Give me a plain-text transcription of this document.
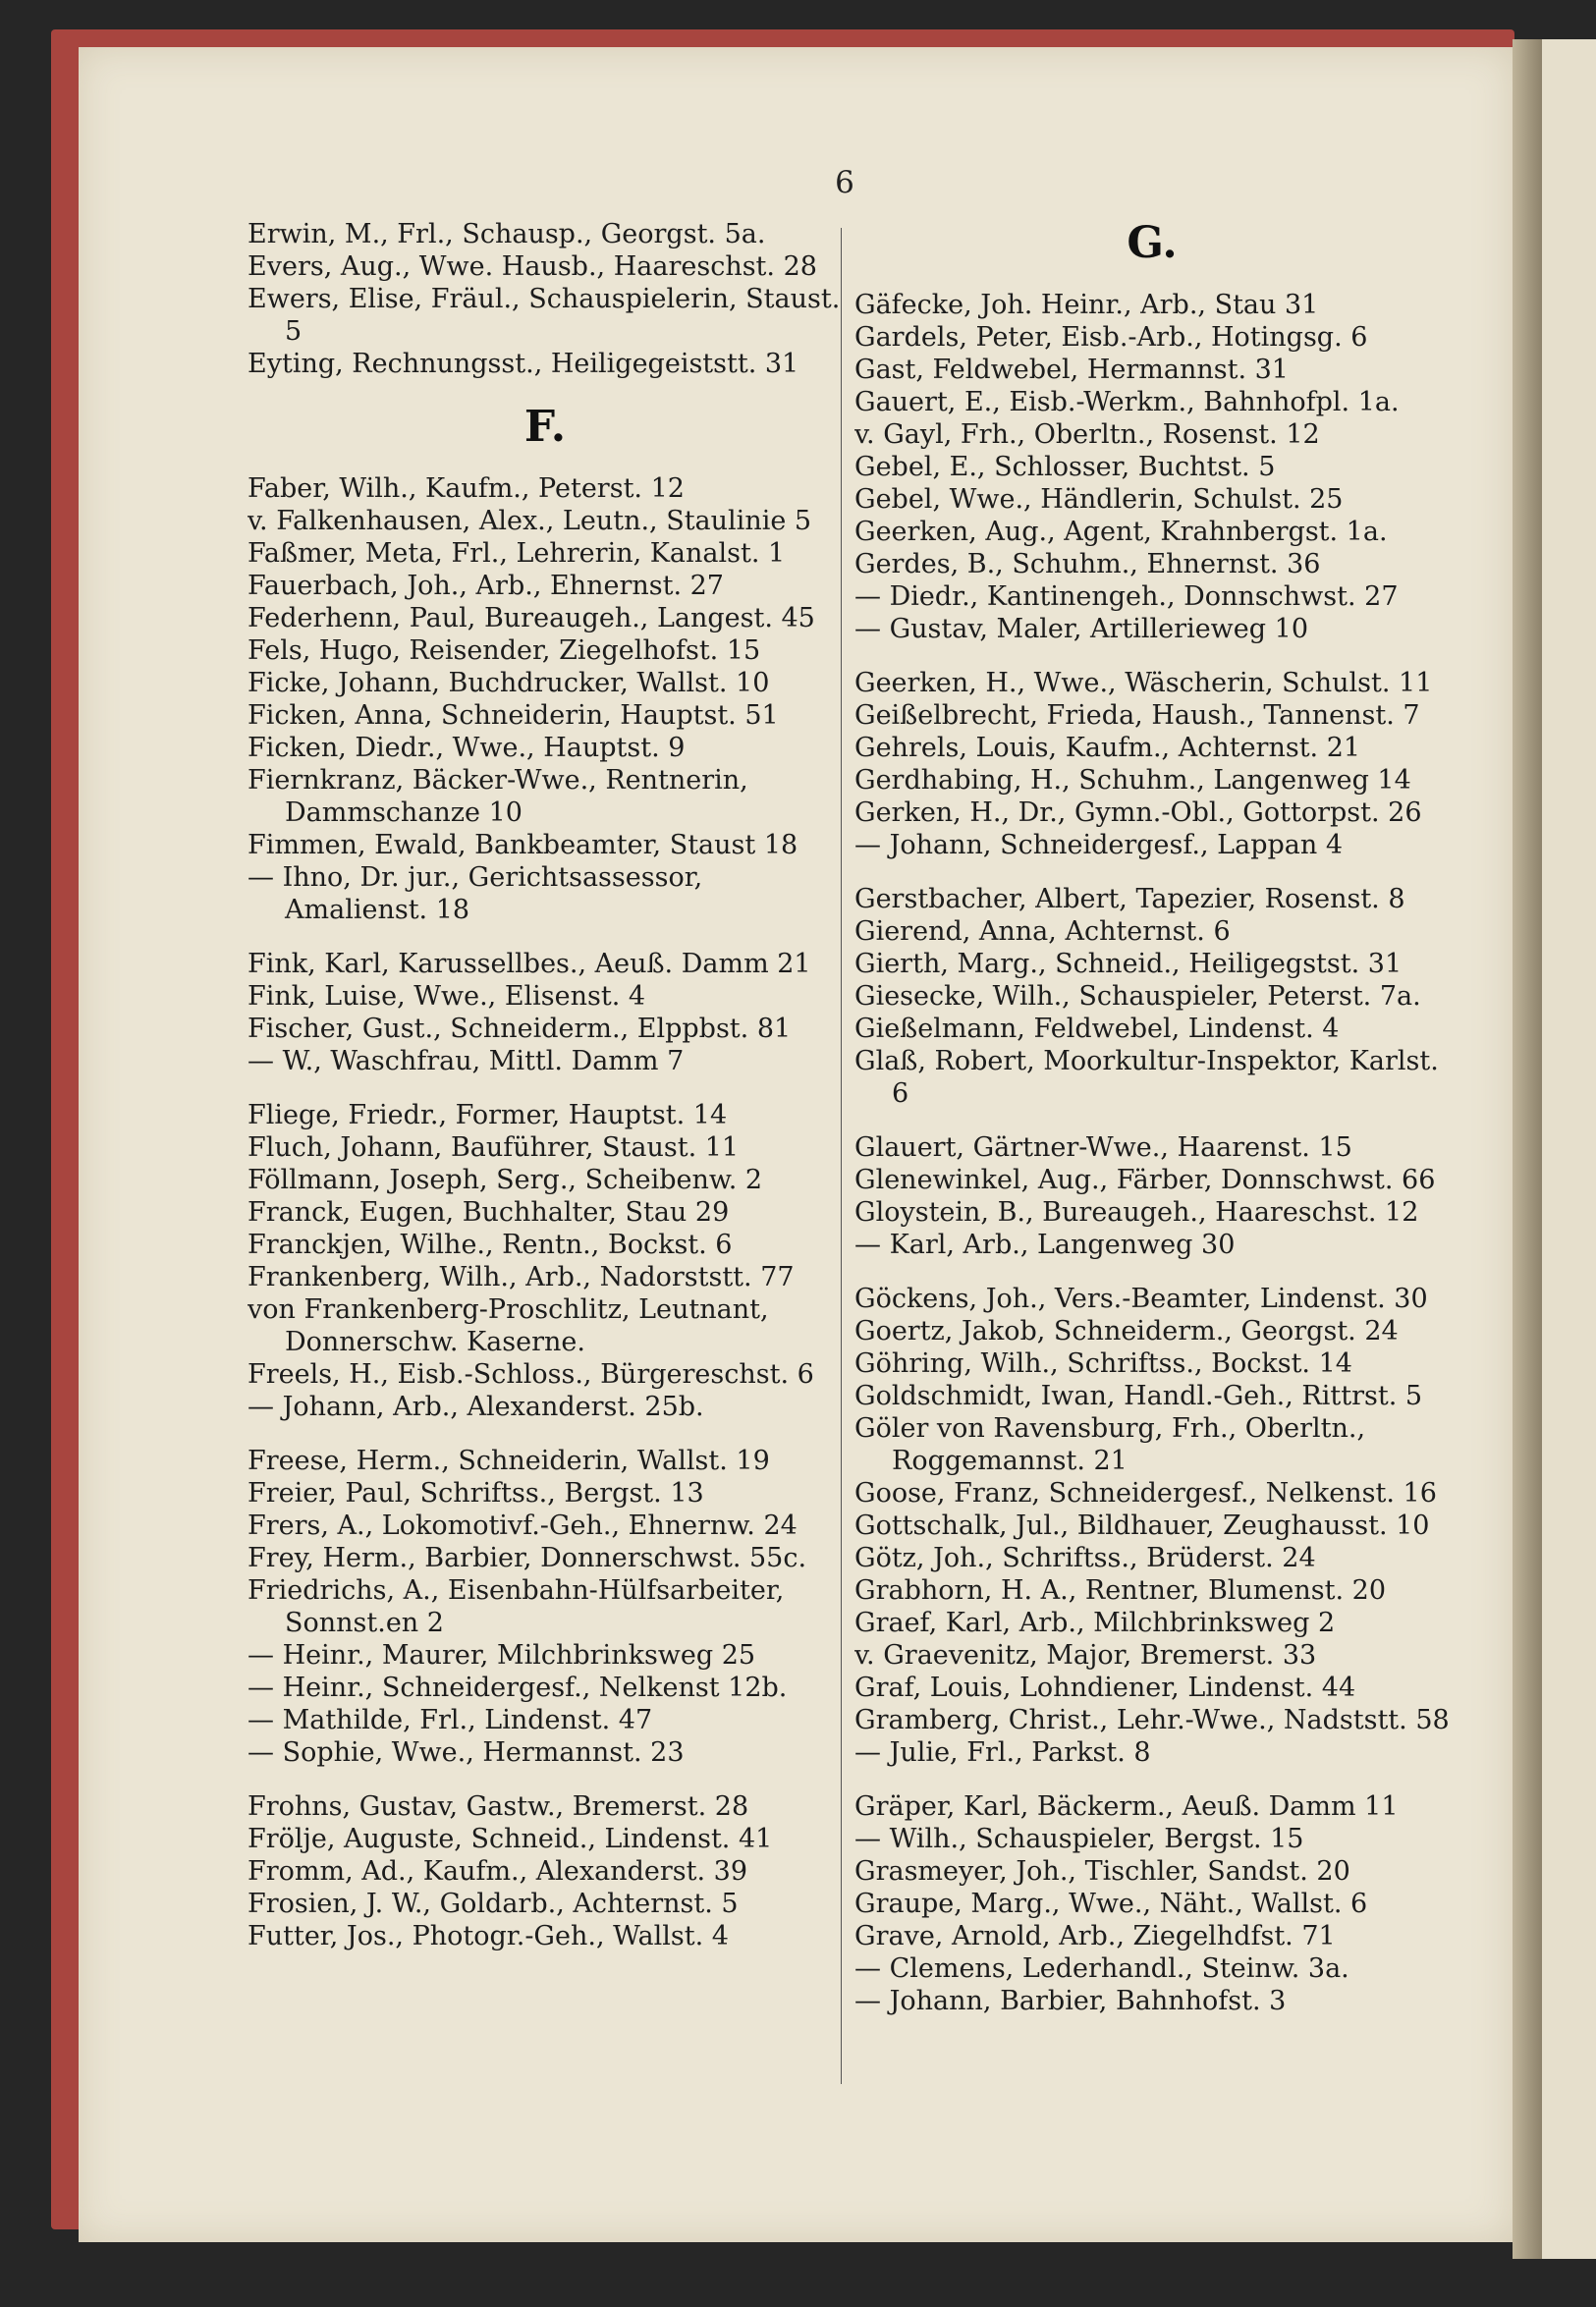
6
Erwin, M., Frl., Schausp., Georgst. 5a.
Evers, Aug., Wwe. Hausb., Haareschst. 28
Ewers, Elise, Fräul., Schauspielerin, Staust. 5
Eyting, Rechnungsst., Heiligegeiststt. 31
F.
Faber, Wilh., Kaufm., Peterst. 12
v. Falkenhausen, Alex., Leutn., Staulinie 5
Faßmer, Meta, Frl., Lehrerin, Kanalst. 1
Fauerbach, Joh., Arb., Ehnernst. 27
Federhenn, Paul, Bureaugeh., Langest. 45
Fels, Hugo, Reisender, Ziegelhofst. 15
Ficke, Johann, Buchdrucker, Wallst. 10
Ficken, Anna, Schneiderin, Hauptst. 51
Ficken, Diedr., Wwe., Hauptst. 9
Fiernkranz, Bäcker-Wwe., Rentnerin, Dammschanze 10
Fimmen, Ewald, Bankbeamter, Staust 18
— Ihno, Dr. jur., Gerichtsassessor, Amalienst. 18
Fink, Karl, Karussellbes., Aeuß. Damm 21
Fink, Luise, Wwe., Elisenst. 4
Fischer, Gust., Schneiderm., Elppbst. 81
— W., Waschfrau, Mittl. Damm 7
Fliege, Friedr., Former, Hauptst. 14
Fluch, Johann, Bauführer, Staust. 11
Föllmann, Joseph, Serg., Scheibenw. 2
Franck, Eugen, Buchhalter, Stau 29
Franckjen, Wilhe., Rentn., Bockst. 6
Frankenberg, Wilh., Arb., Nadorststt. 77
von Frankenberg-Proschlitz, Leutnant, Donnerschw. Kaserne.
Freels, H., Eisb.-Schloss., Bürgereschst. 6
— Johann, Arb., Alexanderst. 25b.
Freese, Herm., Schneiderin, Wallst. 19
Freier, Paul, Schriftss., Bergst. 13
Frers, A., Lokomotivf.-Geh., Ehnernw. 24
Frey, Herm., Barbier, Donnerschwst. 55c.
Friedrichs, A., Eisenbahn-Hülfsarbeiter, Sonnst.en 2
— Heinr., Maurer, Milchbrinksweg 25
— Heinr., Schneidergesf., Nelkenst 12b.
— Mathilde, Frl., Lindenst. 47
— Sophie, Wwe., Hermannst. 23
Frohns, Gustav, Gastw., Bremerst. 28
Frölje, Auguste, Schneid., Lindenst. 41
Fromm, Ad., Kaufm., Alexanderst. 39
Frosien, J. W., Goldarb., Achternst. 5
Futter, Jos., Photogr.-Geh., Wallst. 4
G.
Gäfecke, Joh. Heinr., Arb., Stau 31
Gardels, Peter, Eisb.-Arb., Hotingsg. 6
Gast, Feldwebel, Hermannst. 31
Gauert, E., Eisb.-Werkm., Bahnhofpl. 1a.
v. Gayl, Frh., Oberltn., Rosenst. 12
Gebel, E., Schlosser, Buchtst. 5
Gebel, Wwe., Händlerin, Schulst. 25
Geerken, Aug., Agent, Krahnbergst. 1a.
Gerdes, B., Schuhm., Ehnernst. 36
— Diedr., Kantinengeh., Donnschwst. 27
— Gustav, Maler, Artillerieweg 10
Geerken, H., Wwe., Wäscherin, Schulst. 11
Geißelbrecht, Frieda, Haush., Tannenst. 7
Gehrels, Louis, Kaufm., Achternst. 21
Gerdhabing, H., Schuhm., Langenweg 14
Gerken, H., Dr., Gymn.-Obl., Gottorpst. 26
— Johann, Schneidergesf., Lappan 4
Gerstbacher, Albert, Tapezier, Rosenst. 8
Gierend, Anna, Achternst. 6
Gierth, Marg., Schneid., Heiligegstst. 31
Giesecke, Wilh., Schauspieler, Peterst. 7a.
Gießelmann, Feldwebel, Lindenst. 4
Glaß, Robert, Moorkultur-Inspektor, Karlst. 6
Glauert, Gärtner-Wwe., Haarenst. 15
Glenewinkel, Aug., Färber, Donnschwst. 66
Gloystein, B., Bureaugeh., Haareschst. 12
— Karl, Arb., Langenweg 30
Göckens, Joh., Vers.-Beamter, Lindenst. 30
Goertz, Jakob, Schneiderm., Georgst. 24
Göhring, Wilh., Schriftss., Bockst. 14
Goldschmidt, Iwan, Handl.-Geh., Rittrst. 5
Göler von Ravensburg, Frh., Oberltn., Roggemannst. 21
Goose, Franz, Schneidergesf., Nelkenst. 16
Gottschalk, Jul., Bildhauer, Zeughausst. 10
Götz, Joh., Schriftss., Brüderst. 24
Grabhorn, H. A., Rentner, Blumenst. 20
Graef, Karl, Arb., Milchbrinksweg 2
v. Graevenitz, Major, Bremerst. 33
Graf, Louis, Lohndiener, Lindenst. 44
Gramberg, Christ., Lehr.-Wwe., Nadststt. 58
— Julie, Frl., Parkst. 8
Gräper, Karl, Bäckerm., Aeuß. Damm 11
— Wilh., Schauspieler, Bergst. 15
Grasmeyer, Joh., Tischler, Sandst. 20
Graupe, Marg., Wwe., Näht., Wallst. 6
Grave, Arnold, Arb., Ziegelhdfst. 71
— Clemens, Lederhandl., Steinw. 3a.
— Johann, Barbier, Bahnhofst. 3
